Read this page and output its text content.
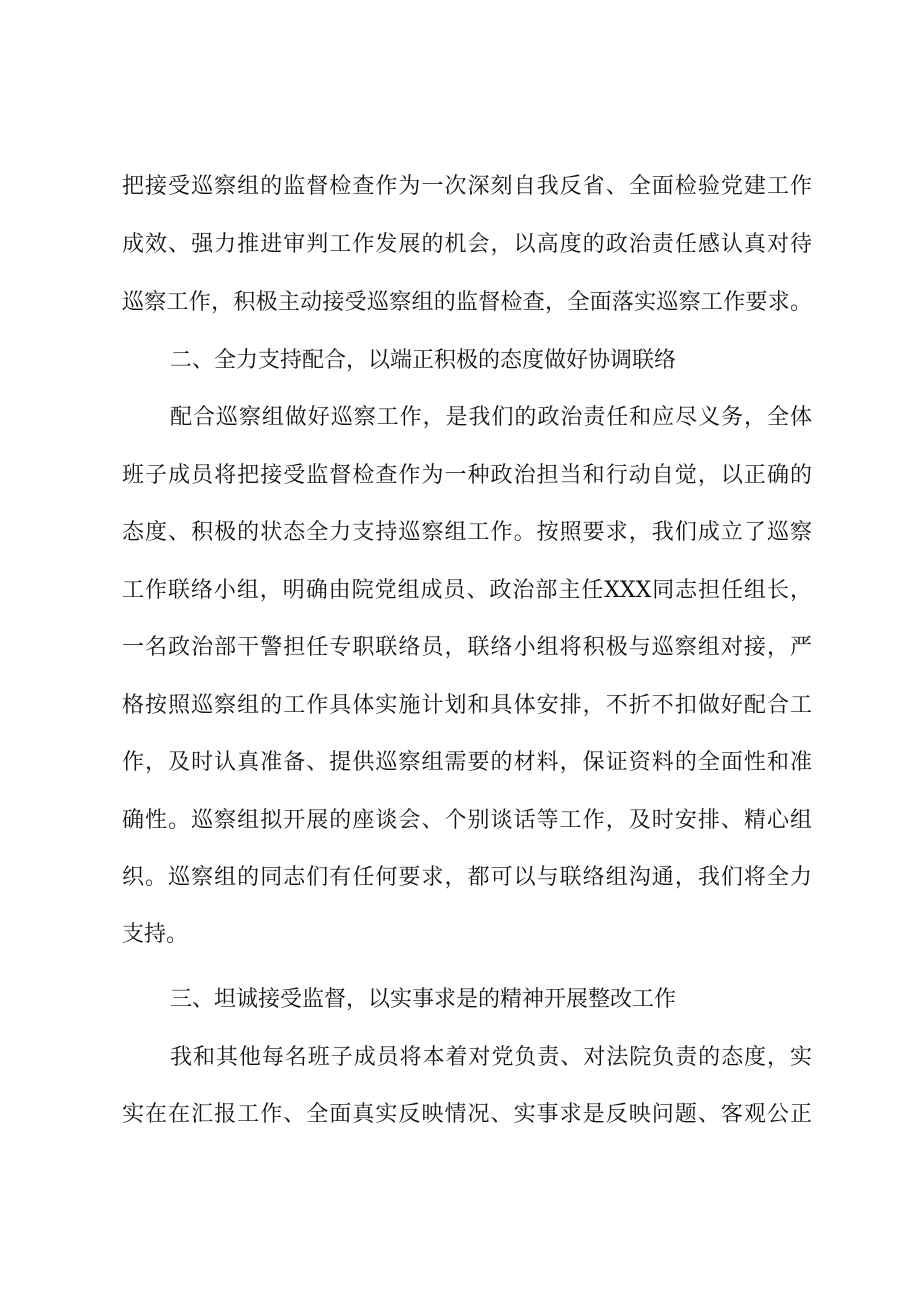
把接受巡察组的监督检查作为一次深刻自我反省、全面检验党建工作
成效、强力推进审判工作发展的机会，以高度的政治责任感认真对待
巡察工作，积极主动接受巡察组的监督检查，全面落实巡察工作要求。
二、全力支持配合，以端正积极的态度做好协调联络
配合巡察组做好巡察工作，是我们的政治责任和应尽义务，全体
班子成员将把接受监督检查作为一种政治担当和行动自觉，以正确的
态度、积极的状态全力支持巡察组工作。按照要求，我们成立了巡察
工作联络小组，明确由院党组成员、政治部主任XXX同志担任组长，
一名政治部干警担任专职联络员，联络小组将积极与巡察组对接，严
格按照巡察组的工作具体实施计划和具体安排，不折不扣做好配合工
作，及时认真准备、提供巡察组需要的材料，保证资料的全面性和准
确性。巡察组拟开展的座谈会、个别谈话等工作，及时安排、精心组
织。巡察组的同志们有任何要求，都可以与联络组沟通，我们将全力
支持。
三、坦诚接受监督，以实事求是的精神开展整改工作
我和其他每名班子成员将本着对党负责、对法院负责的态度，实
实在在汇报工作、全面真实反映情况、实事求是反映问题、客观公正
